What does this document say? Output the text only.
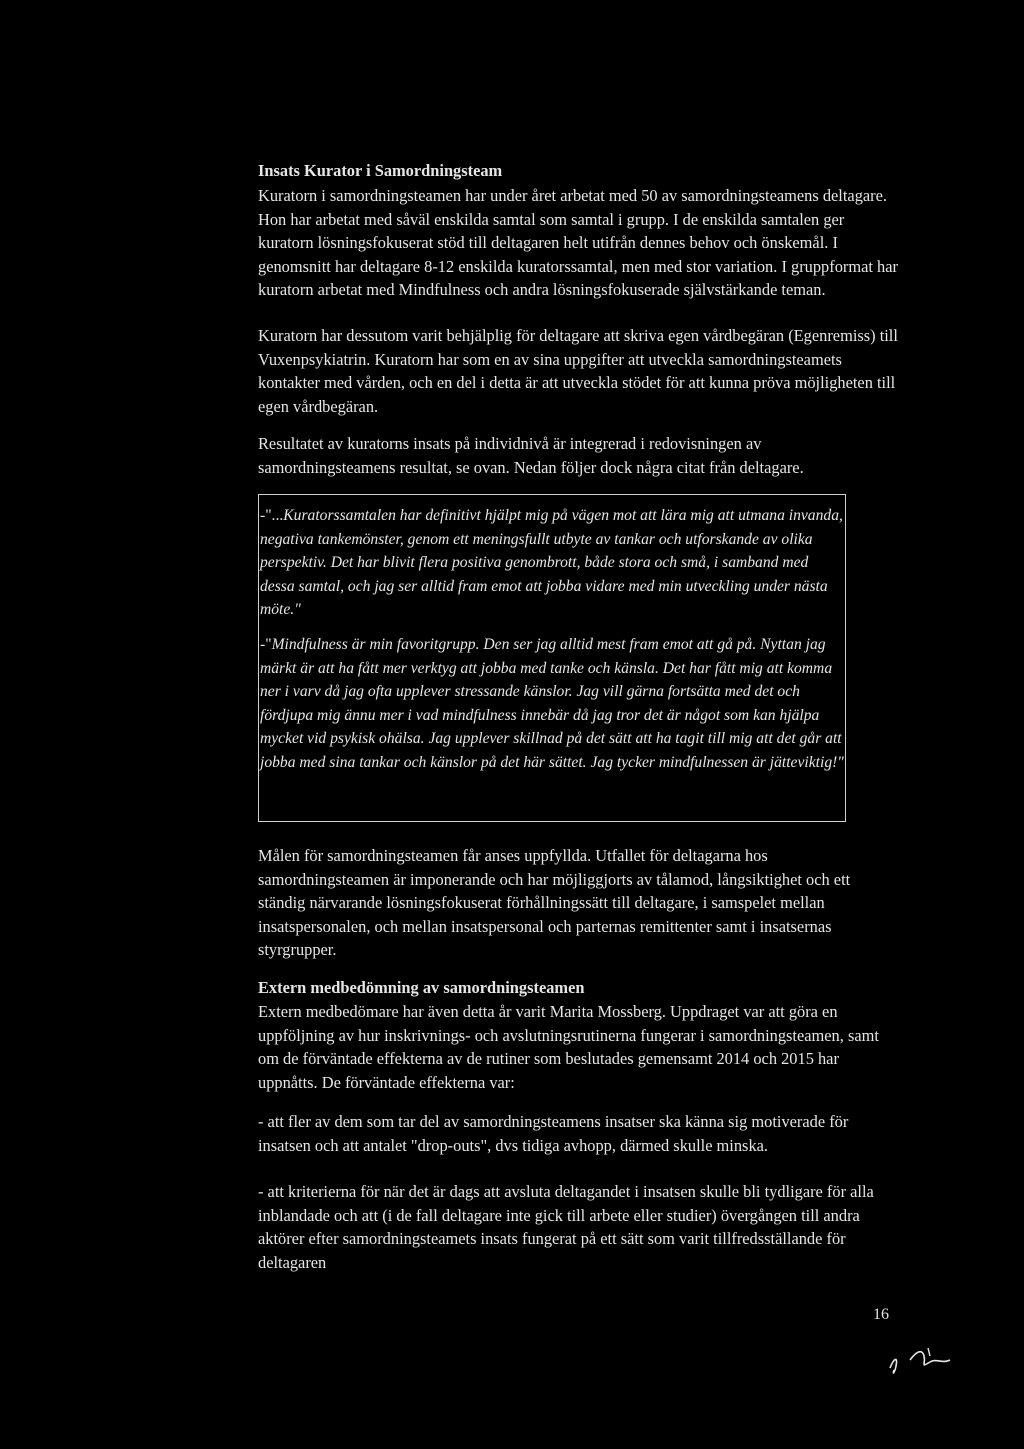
Insats Kurator i Samordningsteam

Kuratorn i samordningsteamen har under året arbetat med 50 av samordningsteamens deltagare. Hon har arbetat med såväl enskilda samtal som samtal i grupp. I de enskilda samtalen ger kuratorn lösningsfokuserat stöd till deltagaren helt utifrån dennes behov och önskemål. I genomsnitt har deltagare 8-12 enskilda kuratorssamtal, men med stor variation. I gruppformat har kuratorn arbetat med Mindfulness och andra lösningsfokuserade självstärkande teman.

Kuratorn har dessutom varit behjälplig för deltagare att skriva egen vårdbegäran (Egenremiss) till Vuxenpsykiatrin. Kuratorn har som en av sina uppgifter att utveckla samordningsteamets kontakter med vården, och en del i detta är att utveckla stödet för att kunna pröva möjligheten till egen vårdbegäran.

Resultatet av kuratorns insats på individnivå är integrerad i redovisningen av samordningsteamens resultat, se ovan. Nedan följer dock några citat från deltagare.

-"...Kuratorssamtalen har definitivt hjälpt mig på vägen mot att lära mig att utmana invanda, negativa tankemönster, genom ett meningsfullt utbyte av tankar och utforskande av olika perspektiv. Det har blivit flera positiva genombrott, både stora och små, i samband med dessa samtal, och jag ser alltid fram emot att jobba vidare med min utveckling under nästa möte."

-"Mindfulness är min favoritgrupp. Den ser jag alltid mest fram emot att gå på. Nyttan jag märkt är att ha fått mer verktyg att jobba med tanke och känsla. Det har fått mig att komma ner i varv då jag ofta upplever stressande känslor. Jag vill gärna fortsätta med det och fördjupa mig ännu mer i vad mindfulness innebär då jag tror det är något som kan hjälpa mycket vid psykisk ohälsa. Jag upplever skillnad på det sätt att ha tagit till mig att det går att jobba med sina tankar och känslor på det här sättet. Jag tycker mindfulnessen är jätteviktig!"

Målen för samordningsteamen får anses uppfyllda. Utfallet för deltagarna hos samordningsteamen är imponerande och har möjliggjorts av tålamod, långsiktighet och ett ständig närvarande lösningsfokuserat förhållningssätt till deltagare, i samspelet mellan insatspersonalen, och mellan insatspersonal och parternas remittenter samt i insatsernas styrgrupper.

Extern medbedömning av samordningsteamen

Extern medbedömare har även detta år varit Marita Mossberg. Uppdraget var att göra en uppföljning av hur inskrivnings- och avslutningsrutinerna fungerar i samordningsteamen, samt om de förväntade effekterna av de rutiner som beslutades gemensamt 2014 och 2015 har uppnåtts. De förväntade effekterna var:

- att fler av dem som tar del av samordningsteamens insatser ska känna sig motiverade för insatsen och att antalet "drop-outs", dvs tidiga avhopp, därmed skulle minska.

- att kriterierna för när det är dags att avsluta deltagandet i insatsen skulle bli tydligare för alla inblandade och att (i de fall deltagare inte gick till arbete eller studier) övergången till andra aktörer efter samordningsteamets insats fungerat på ett sätt som varit tillfredsställande för deltagaren

16
